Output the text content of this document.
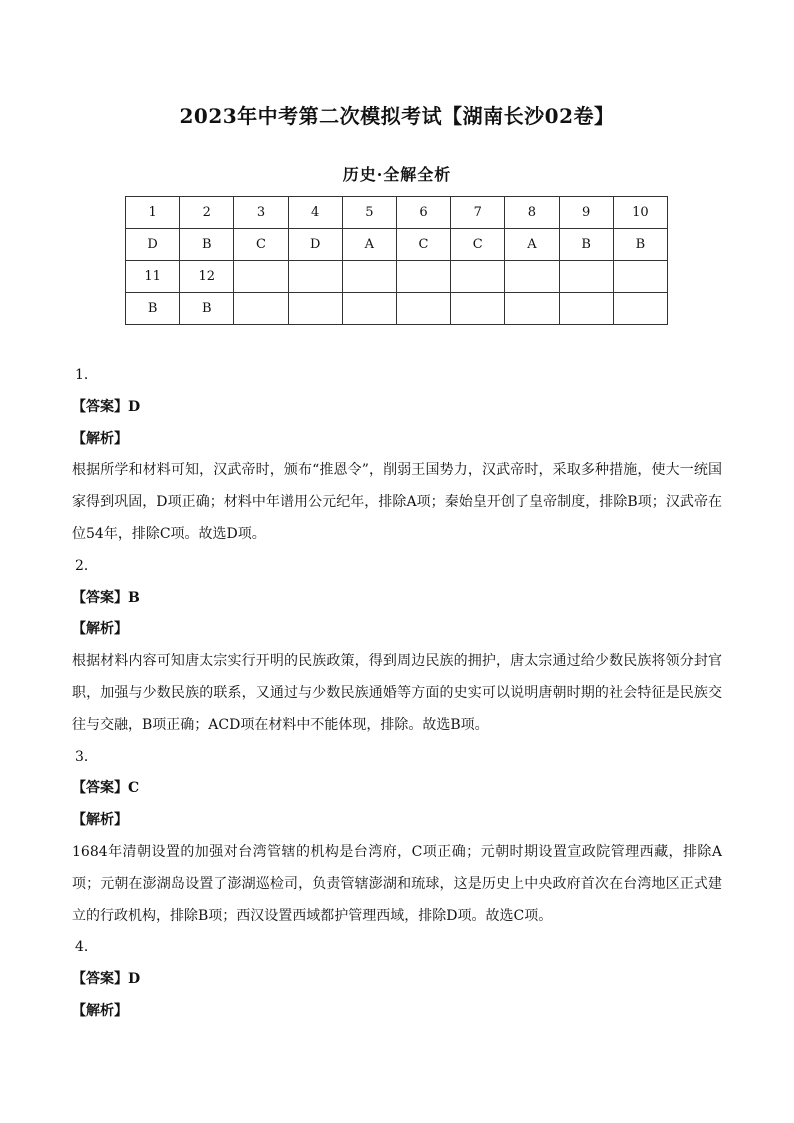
2023年中考第二次模拟考试【湖南长沙02卷】
历史·全解全析
1	2	3	4	5	6	7	8	9	10
D	B	C	D	A	C	C	A	B	B
11	12								
B	B								

1．

【答案】D

【解析】

根据所学和材料可知，汉武帝时，颁布“推恩令”，削弱王国势力，汉武帝时，采取多种措施，使大一统国家得到巩固，D项正确；材料中年谱用公元纪年，排除A项；秦始皇开创了皇帝制度，排除B项；汉武帝在位54年，排除C项。故选D项。

2．

【答案】B

【解析】

根据材料内容可知唐太宗实行开明的民族政策，得到周边民族的拥护，唐太宗通过给少数民族将领分封官职，加强与少数民族的联系，又通过与少数民族通婚等方面的史实可以说明唐朝时期的社会特征是民族交往与交融，B项正确；ACD项在材料中不能体现，排除。故选B项。

3．

【答案】C

【解析】

1684年清朝设置的加强对台湾管辖的机构是台湾府，C项正确；元朝时期设置宣政院管理西藏，排除A项；元朝在澎湖岛设置了澎湖巡检司，负责管辖澎湖和琉球，这是历史上中央政府首次在台湾地区正式建立的行政机构，排除B项；西汉设置西域都护管理西域，排除D项。故选C项。

4．

【答案】D

【解析】
